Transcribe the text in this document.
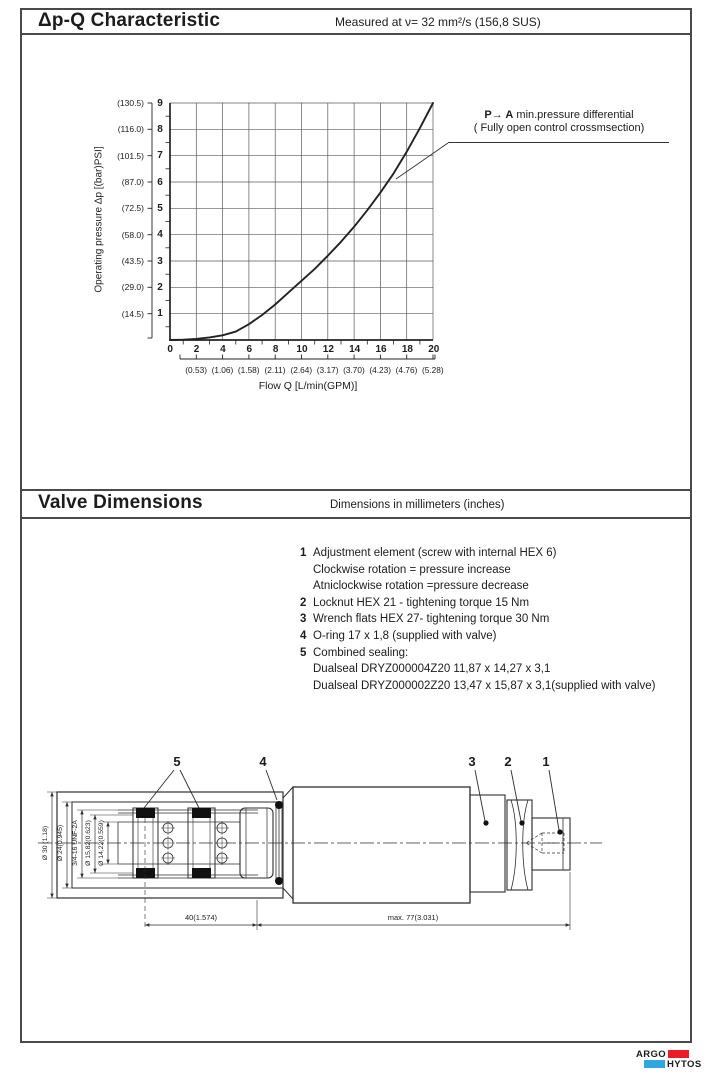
Δp-Q Characteristic	Measured at ν= 32 mm²/s (156,8 SUS)
Valve Dimensions	Dimensions in millimeters (inches)
9
8
7
6
5
4
3
2
1
(130.5)
(116.0)
(101.5)
(87.0)
(72.5)
(58.0)
(43.5)
(29.0)
(14.5)
Operating pressure Δp [(bar)PSI]
0	2	4	6	8	10	12	14	16	18	20
(0.53) (1.06) (1.58) (2.11) (2.64) (3.17) (3.70) (4.23) (4.76) (5.28)
Flow Q [L/min(GPM)]
P→ A min.pressure differential
( Fully open control crossmsection)
1 Adjustment element (screw with internal HEX 6)
Clockwise rotation = pressure increase
Atniclockwise rotation =pressure decrease
2 Locknut HEX 21 - tightening torque 15 Nm
3 Wrench flats HEX 27- tightening torque 30 Nm
4 O-ring 17 x 1,8 (supplied with valve)
5 Combined sealing:
Dualseal DRYZ000004Z20 11,87 x 14,27 x 3,1
Dualseal DRYZ000002Z20 13,47 x 15,87 x 3,1(supplied with valve)
Ø 30 (1.18) Ø 24(0.945) 3/4-16 UNF-2A Ø 15,82(0.623) Ø 14,22(0.559)
40(1.574)	max. 77(3.031)
5	4	3 2 1
ARGO
HYTOS
